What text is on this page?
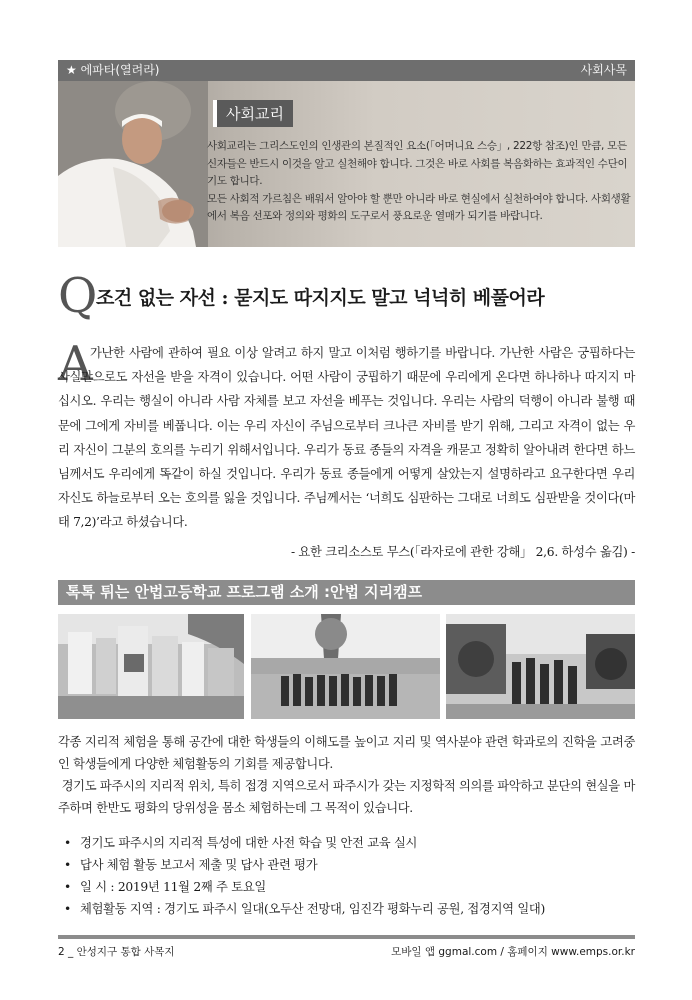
★ 에파타(열려라)	사회사목
사회교리

사회교리는 그리스도인의 인생관의 본질적인 요소(「어머니요 스승」, 222항 참조)인 만큼, 모든 신자들은 반드시 이것을 알고 실천해야 합니다. 그것은 바로 사회를 복음화하는 효과적인 수단이기도 합니다.

모든 사회적 가르침은 배워서 알아야 할 뿐만 아니라 바로 현실에서 실천하여야 합니다. 사회생활에서 복음 선포와 정의와 평화의 도구로서 풍요로운 열매가 되기를 바랍니다.

Q
조건 없는 자선 : 묻지도 따지지도 말고 넉넉히 베풀어라
A
가난한 사람에 관하여 필요 이상 알려고 하지 말고 이처럼 행하기를 바랍니다. 가난한 사람은 궁핍하다는 사실만으로도 자선을 받을 자격이 있습니다. 어떤 사람이 궁핍하기 때문에 우리에게 온다면 하나하나 따지지 마십시오. 우리는 행실이 아니라 사람 자체를 보고 자선을 베푸는 것입니다. 우리는 사람의 덕행이 아니라 불행 때문에 그에게 자비를 베풉니다. 이는 우리 자신이 주님으로부터 크나큰 자비를 받기 위해, 그리고 자격이 없는 우리 자신이 그분의 호의를 누리기 위해서입니다. 우리가 동료 종들의 자격을 캐묻고 정확히 알아내려 한다면 하느님께서도 우리에게 똑같이 하실 것입니다. 우리가 동료 종들에게 어떻게 살았는지 설명하라고 요구한다면 우리 자신도 하늘로부터 오는 호의를 잃을 것입니다. 주님께서는 ‘너희도 심판하는 그대로 너희도 심판받을 것이다(마태 7,2)’라고 하셨습니다.
- 요한 크리소스토 무스(「라자로에 관한 강해」 2,6. 하성수 옮김) -
톡톡 튀는 안법고등학교 프로그램 소개 :안법 지리캠프

각종 지리적 체험을 통해 공간에 대한 학생들의 이해도를 높이고 지리 및 역사분야 관련 학과로의 진학을 고려중인 학생들에게 다양한 체험활동의 기회를 제공합니다.

경기도 파주시의 지리적 위치, 특히 접경 지역으로서 파주시가 갖는 지정학적 의의를 파악하고 분단의 현실을 마주하며 한반도 평화의 당위성을 몸소 체험하는데 그 목적이 있습니다.

• 경기도 파주시의 지리적 특성에 대한 사전 학습 및 안전 교육 실시
• 답사 체험 활동 보고서 제출 및 답사 관련 평가
• 일 시 : 2019년 11월 2째 주 토요일
• 체험활동 지역 : 경기도 파주시 일대(오두산 전망대, 임진각 평화누리 공원, 접경지역 일대)
2 _ 안성지구 통합 사목지	모바일 앱 ggmal.com / 홈페이지 www.emps.or.kr
